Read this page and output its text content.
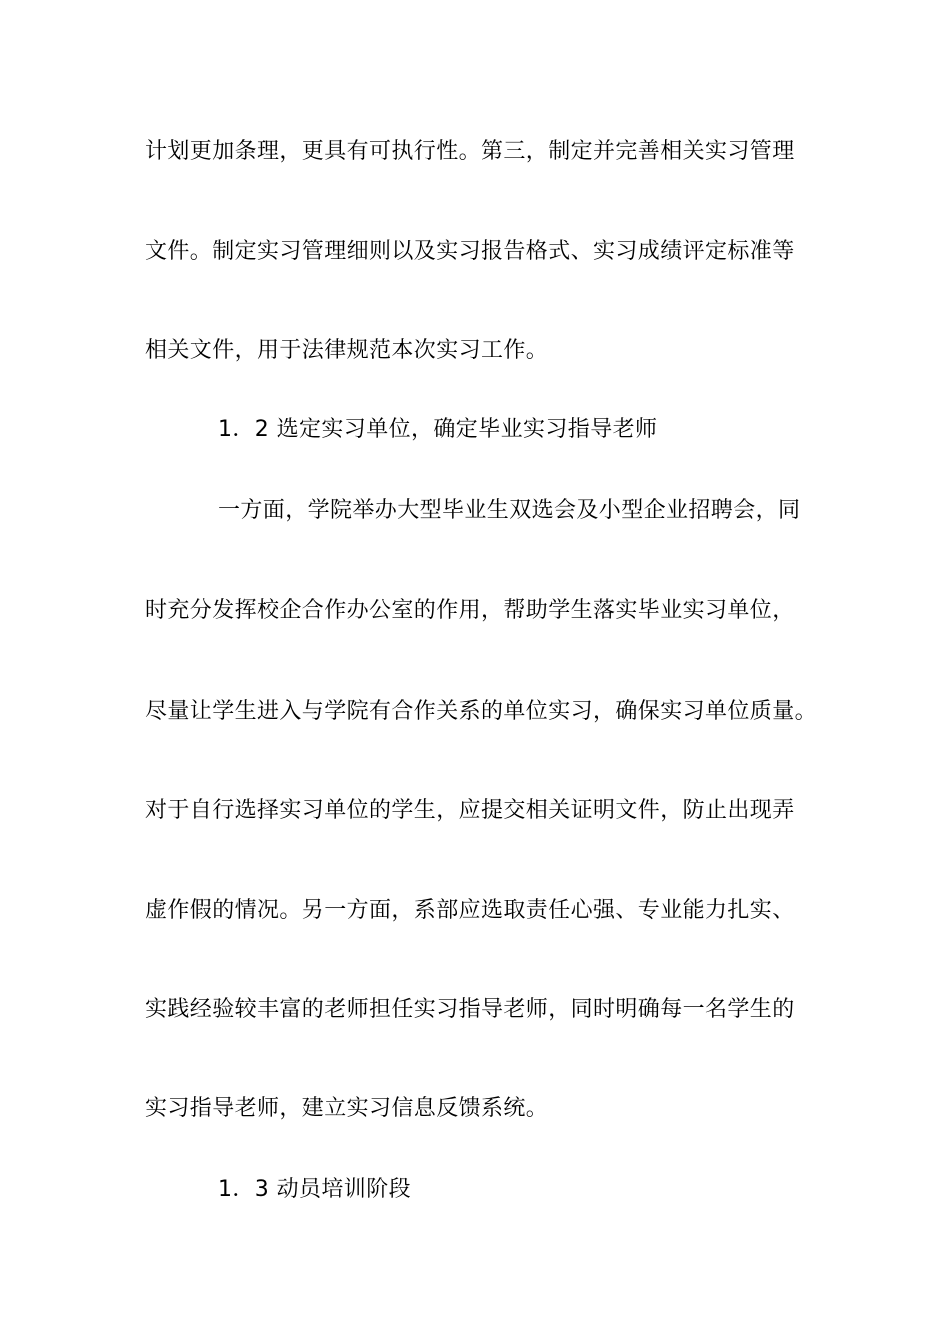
计划更加条理，更具有可执行性。第三，制定并完善相关实习管理
文件。制定实习管理细则以及实习报告格式、实习成绩评定标准等
相关文件，用于法律规范本次实习工作。
1．2 选定实习单位，确定毕业实习指导老师
一方面，学院举办大型毕业生双选会及小型企业招聘会，同
时充分发挥校企合作办公室的作用，帮助学生落实毕业实习单位，
尽量让学生进入与学院有合作关系的单位实习，确保实习单位质量。
对于自行选择实习单位的学生，应提交相关证明文件，防止出现弄
虚作假的情况。另一方面，系部应选取责任心强、专业能力扎实、
实践经验较丰富的老师担任实习指导老师，同时明确每一名学生的
实习指导老师，建立实习信息反馈系统。
1．3 动员培训阶段
